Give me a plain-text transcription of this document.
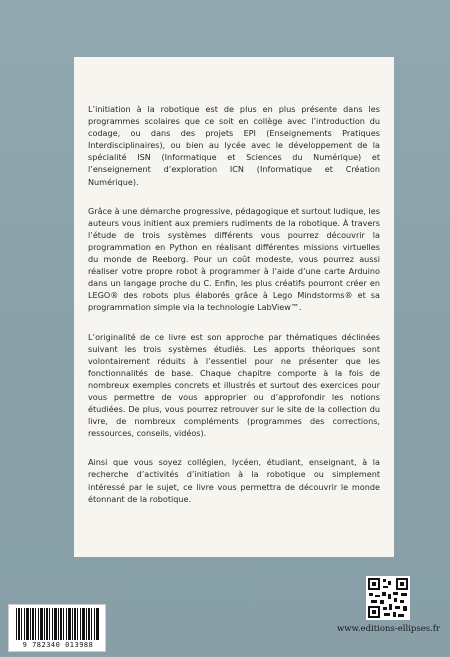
L’initiation à la robotique est de plus en plus présente dans les programmes scolaires que ce soit en collège avec l’introduction du codage, ou dans des projets EPI (Enseignements Pratiques Interdisciplinaires), ou bien au lycée avec le développement de la spécialité ISN (Informatique et Sciences du Numérique) et l’enseignement d’exploration ICN (Informatique et Création Numérique).

Grâce à une démarche progressive, pédagogique et surtout ludique, les auteurs vous initient aux premiers rudiments de la robotique. À travers l’étude de trois systèmes différents vous pourrez découvrir la programmation en Python en réalisant différentes missions virtuelles du monde de Reeborg. Pour un coût modeste, vous pourrez aussi réaliser votre propre robot à programmer à l’aide d’une carte Arduino dans un langage proche du C. Enfin, les plus créatifs pourront créer en LEGO® des robots plus élaborés grâce à Lego Mindstorms® et sa programmation simple via la technologie LabView™.

L’originalité de ce livre est son approche par thématiques déclinées suivant les trois systèmes étudiés. Les apports théoriques sont volontairement réduits à l’essentiel pour ne présenter que les fonctionnalités de base. Chaque chapitre comporte à la fois de nombreux exemples concrets et illustrés et surtout des exercices pour vous permettre de vous approprier ou d’approfondir les notions étudiées. De plus, vous pourrez retrouver sur le site de la collection du livre, de nombreux compléments (programmes des corrections, ressources, conseils, vidéos).

Ainsi que vous soyez collégien, lycéen, étudiant, enseignant, à la recherche d’activités d’initiation à la robotique ou simplement intéressé par le sujet, ce livre vous permettra de découvrir le monde étonnant de la robotique.

9 782340 013988
www.editions-ellipses.fr
